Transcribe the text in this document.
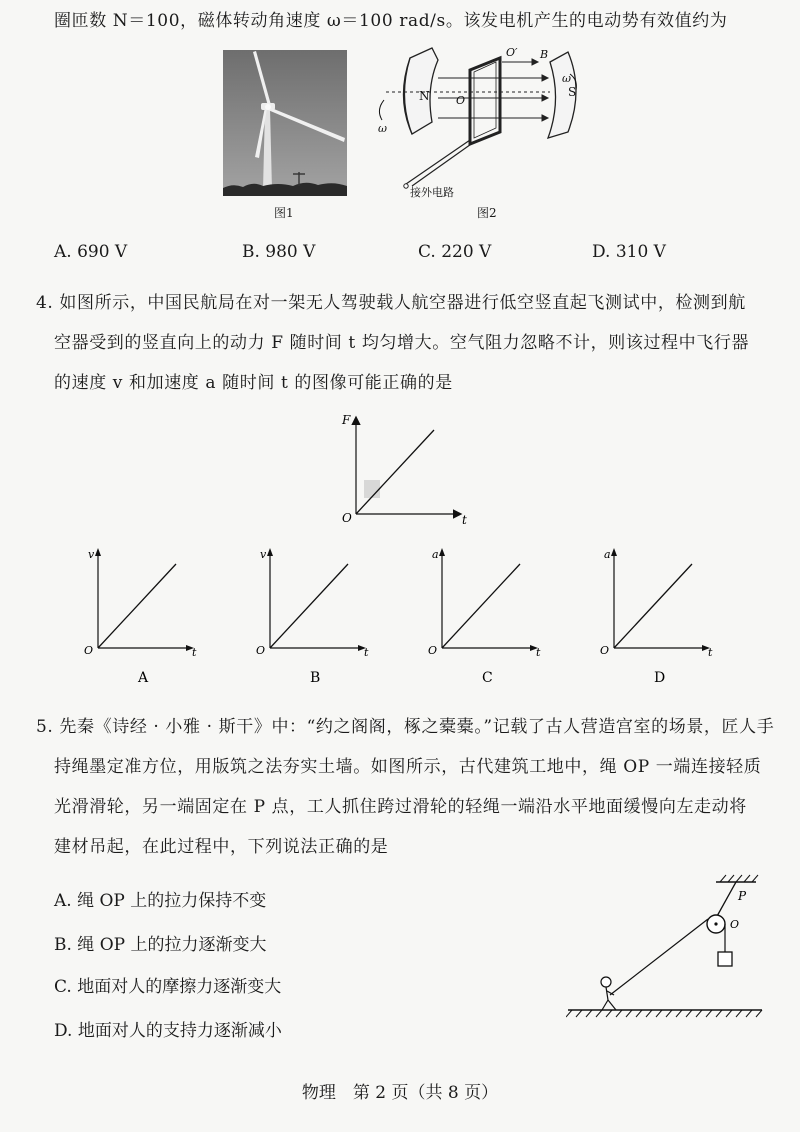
圈匝数 N＝100，磁体转动角速度 ω＝100 rad/s。该发电机产生的电动势有效值约为
图1
N	S
ω
O
O′ B
ω
接外电路
图2
A. 690 V	B. 980 V	C. 220 V	D. 310 V
4. 如图所示，中国民航局在对一架无人驾驶载人航空器进行低空竖直起飞测试中，检测到航
空器受到的竖直向上的动力 F 随时间 t 均匀增大。空气阻力忽略不计，则该过程中飞行器
的速度 v 和加速度 a 随时间 t 的图像可能正确的是
F
t
O
v
t
O
A
v
t
O
B
a
t
O
C
a
t
O
D
5. 先秦《诗经 · 小雅 · 斯干》中：“约之阁阁，椓之橐橐。”记载了古人营造宫室的场景，匠人手
持绳墨定准方位，用版筑之法夯实土墙。如图所示，古代建筑工地中，绳 OP 一端连接轻质
光滑滑轮，另一端固定在 P 点，工人抓住跨过滑轮的轻绳一端沿水平地面缓慢向左走动将
建材吊起，在此过程中，下列说法正确的是
A. 绳 OP 上的拉力保持不变
B. 绳 OP 上的拉力逐渐变大
C. 地面对人的摩擦力逐渐变大
D. 地面对人的支持力逐渐减小
P
O
物理　第 2 页（共 8 页）
